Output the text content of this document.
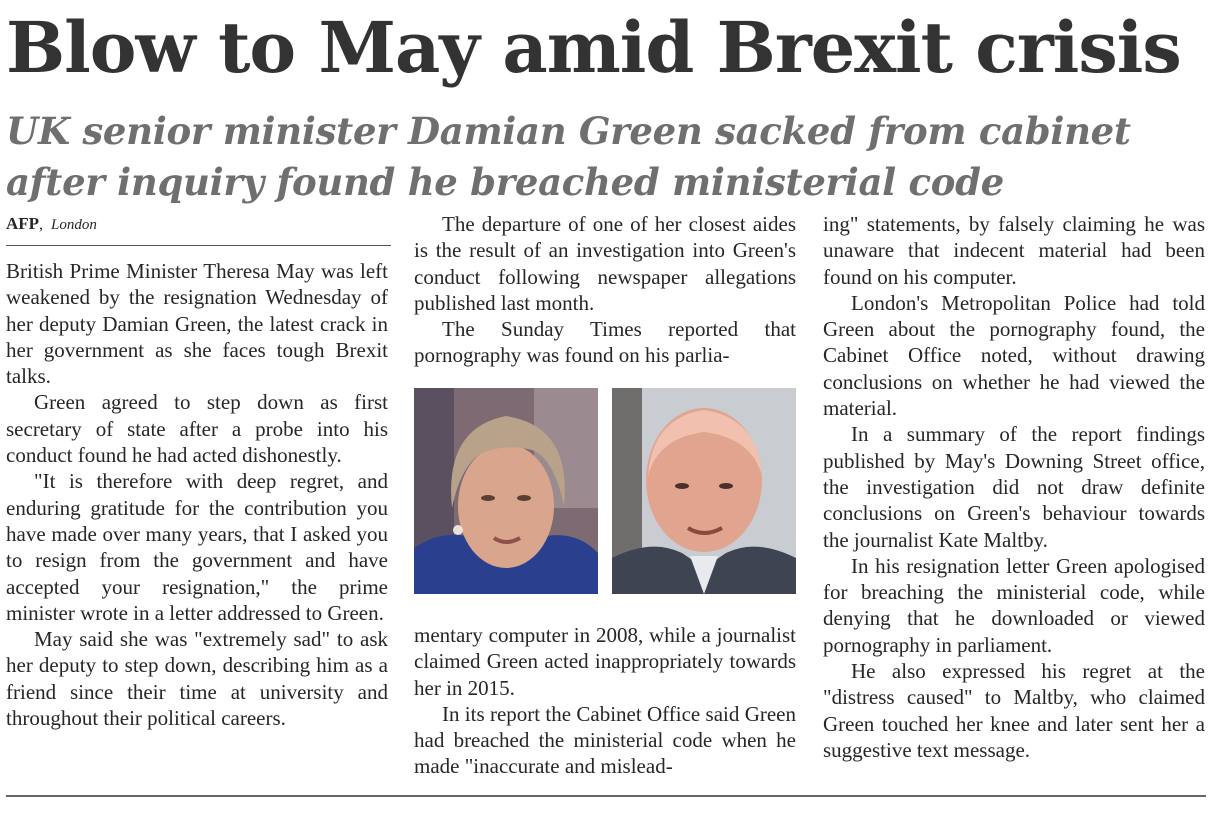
Blow to May amid Brexit crisis
UK senior minister Damian Green sacked from cabinet after inquiry found he breached ministerial code
AFP, London

British Prime Minister Theresa May was left weakened by the resignation Wednesday of her deputy Damian Green, the latest crack in her government as she faces tough Brexit talks.

Green agreed to step down as first secretary of state after a probe into his conduct found he had acted dishonestly.

"It is therefore with deep regret, and enduring gratitude for the contribution you have made over many years, that I asked you to resign from the government and have accepted your resignation," the prime minister wrote in a letter addressed to Green.

May said she was "extremely sad" to ask her deputy to step down, describing him as a friend since their time at university and throughout their political careers.

The departure of one of her closest aides is the result of an investigation into Green's conduct following newspaper allegations published last month.

The Sunday Times reported that pornography was found on his parlia-

mentary computer in 2008, while a journalist claimed Green acted inappropriately towards her in 2015.

In its report the Cabinet Office said Green had breached the ministerial code when he made "inaccurate and mislead-

ing" statements, by falsely claiming he was unaware that indecent material had been found on his computer.

London's Metropolitan Police had told Green about the pornography found, the Cabinet Office noted, without drawing conclusions on whether he had viewed the material.

In a summary of the report findings published by May's Downing Street office, the investigation did not draw definite conclusions on Green's behaviour towards the journalist Kate Maltby.

In his resignation letter Green apologised for breaching the ministerial code, while denying that he downloaded or viewed pornography in parliament.

He also expressed his regret at the "distress caused" to Maltby, who claimed Green touched her knee and later sent her a suggestive text message.
